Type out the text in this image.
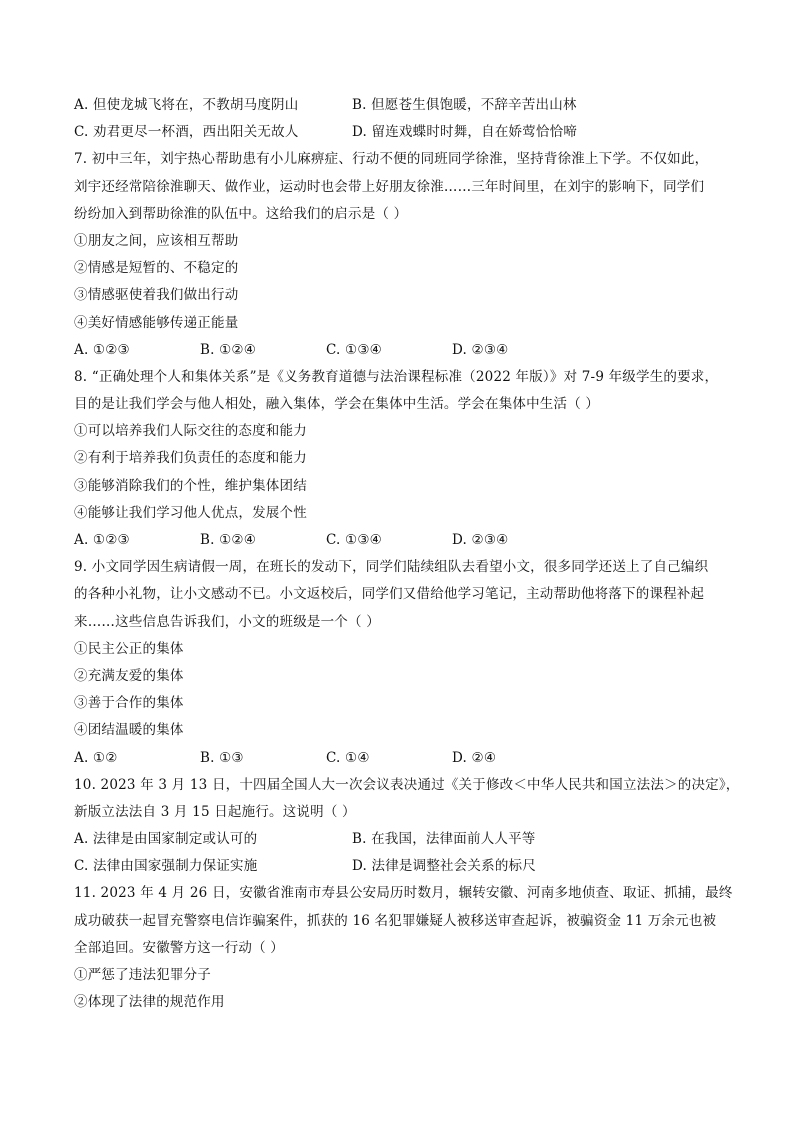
A. 但使龙城飞将在，不教胡马度阴山	B. 但愿苍生俱饱暖，不辞辛苦出山林
C. 劝君更尽一杯酒，西出阳关无故人	D. 留连戏蝶时时舞，自在娇莺恰恰啼
7. 初中三年，刘宇热心帮助患有小儿麻痹症、行动不便的同班同学徐淮，坚持背徐淮上下学。不仅如此，
刘宇还经常陪徐淮聊天、做作业，运动时也会带上好朋友徐淮……三年时间里，在刘宇的影响下，同学们
纷纷加入到帮助徐淮的队伍中。这给我们的启示是（ ）
①朋友之间，应该相互帮助
②情感是短暂的、不稳定的
③情感驱使着我们做出行动
④美好情感能够传递正能量
A. ①②③	B. ①②④	C. ①③④	D. ②③④
8. “正确处理个人和集体关系”是《义务教育道德与法治课程标准（2022 年版）》对 7-9 年级学生的要求，
目的是让我们学会与他人相处，融入集体，学会在集体中生活。学会在集体中生活（ ）
①可以培养我们人际交往的态度和能力
②有利于培养我们负责任的态度和能力
③能够消除我们的个性，维护集体团结
④能够让我们学习他人优点，发展个性
A. ①②③	B. ①②④	C. ①③④	D. ②③④
9. 小文同学因生病请假一周，在班长的发动下，同学们陆续组队去看望小文，很多同学还送上了自己编织
的各种小礼物，让小文感动不已。小文返校后，同学们又借给他学习笔记，主动帮助他将落下的课程补起
来……这些信息告诉我们，小文的班级是一个（ ）
①民主公正的集体
②充满友爱的集体
③善于合作的集体
④团结温暖的集体
A. ①②	B. ①③	C. ①④	D. ②④
10. 2023 年 3 月 13 日，十四届全国人大一次会议表决通过《关于修改＜中华人民共和国立法法＞的决定》，
新版立法法自 3 月 15 日起施行。这说明（ ）
A. 法律是由国家制定或认可的	B. 在我国，法律面前人人平等
C. 法律由国家强制力保证实施	D. 法律是调整社会关系的标尺
11. 2023 年 4 月 26 日，安徽省淮南市寿县公安局历时数月，辗转安徽、河南多地侦查、取证、抓捕，最终
成功破获一起冒充警察电信诈骗案件，抓获的 16 名犯罪嫌疑人被移送审查起诉，被骗资金 11 万余元也被
全部追回。安徽警方这一行动（ ）
①严惩了违法犯罪分子
②体现了法律的规范作用
